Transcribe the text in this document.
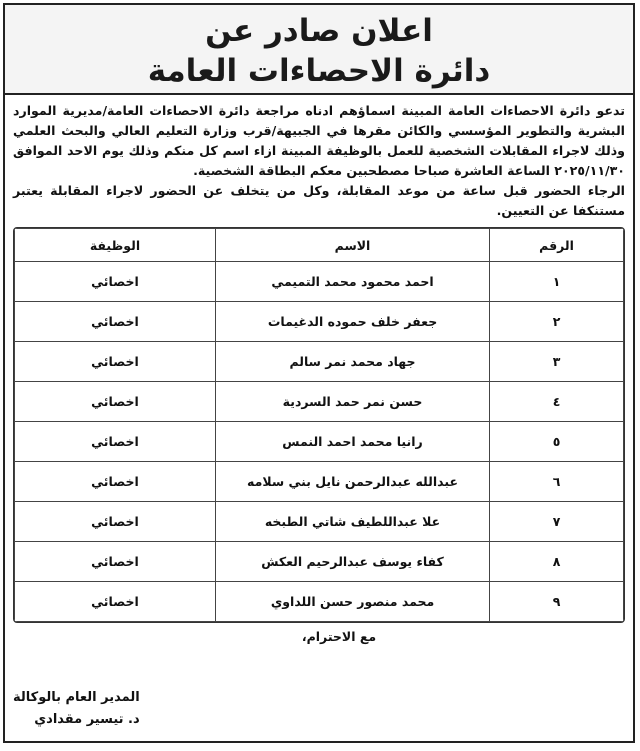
اعلان صادر عن
دائرة الاحصاءات العامة

تدعو دائرة الاحصاءات العامة المبينة اسماؤهم ادناه مراجعة دائرة الاحصاءات العامة/مديرية الموارد البشرية والتطوير المؤسسي والكائن مقرها في الجبيهة/قرب وزارة التعليم العالي والبحث العلمي وذلك لاجراء المقابلات الشخصية للعمل بالوظيفة المبينة ازاء اسم كل منكم وذلك يوم الاحد الموافق ٢٠٢٥/١١/٣٠ الساعة العاشرة صباحا مصطحبين معكم البطاقة الشخصية.

الرجاء الحضور قبل ساعة من موعد المقابلة، وكل من يتخلف عن الحضور لاجراء المقابلة يعتبر مستنكفا عن التعيين.

الرقم	الاسم	الوظيفة
١	احمد محمود محمد التميمي	اخصائي
٢	جعفر خلف حموده الدغيمات	اخصائي
٣	جهاد محمد نمر سالم	اخصائي
٤	حسن نمر حمد السردية	اخصائي
٥	رانيا محمد احمد النمس	اخصائي
٦	عبدالله عبدالرحمن نايل بني سلامه	اخصائي
٧	علا عبداللطيف شاتي الطبخه	اخصائي
٨	كفاء يوسف عبدالرحيم العكش	اخصائي
٩	محمد منصور حسن اللداوي	اخصائي
مع الاحترام،
المدير العام بالوكالة
د. تيسير مقدادي
